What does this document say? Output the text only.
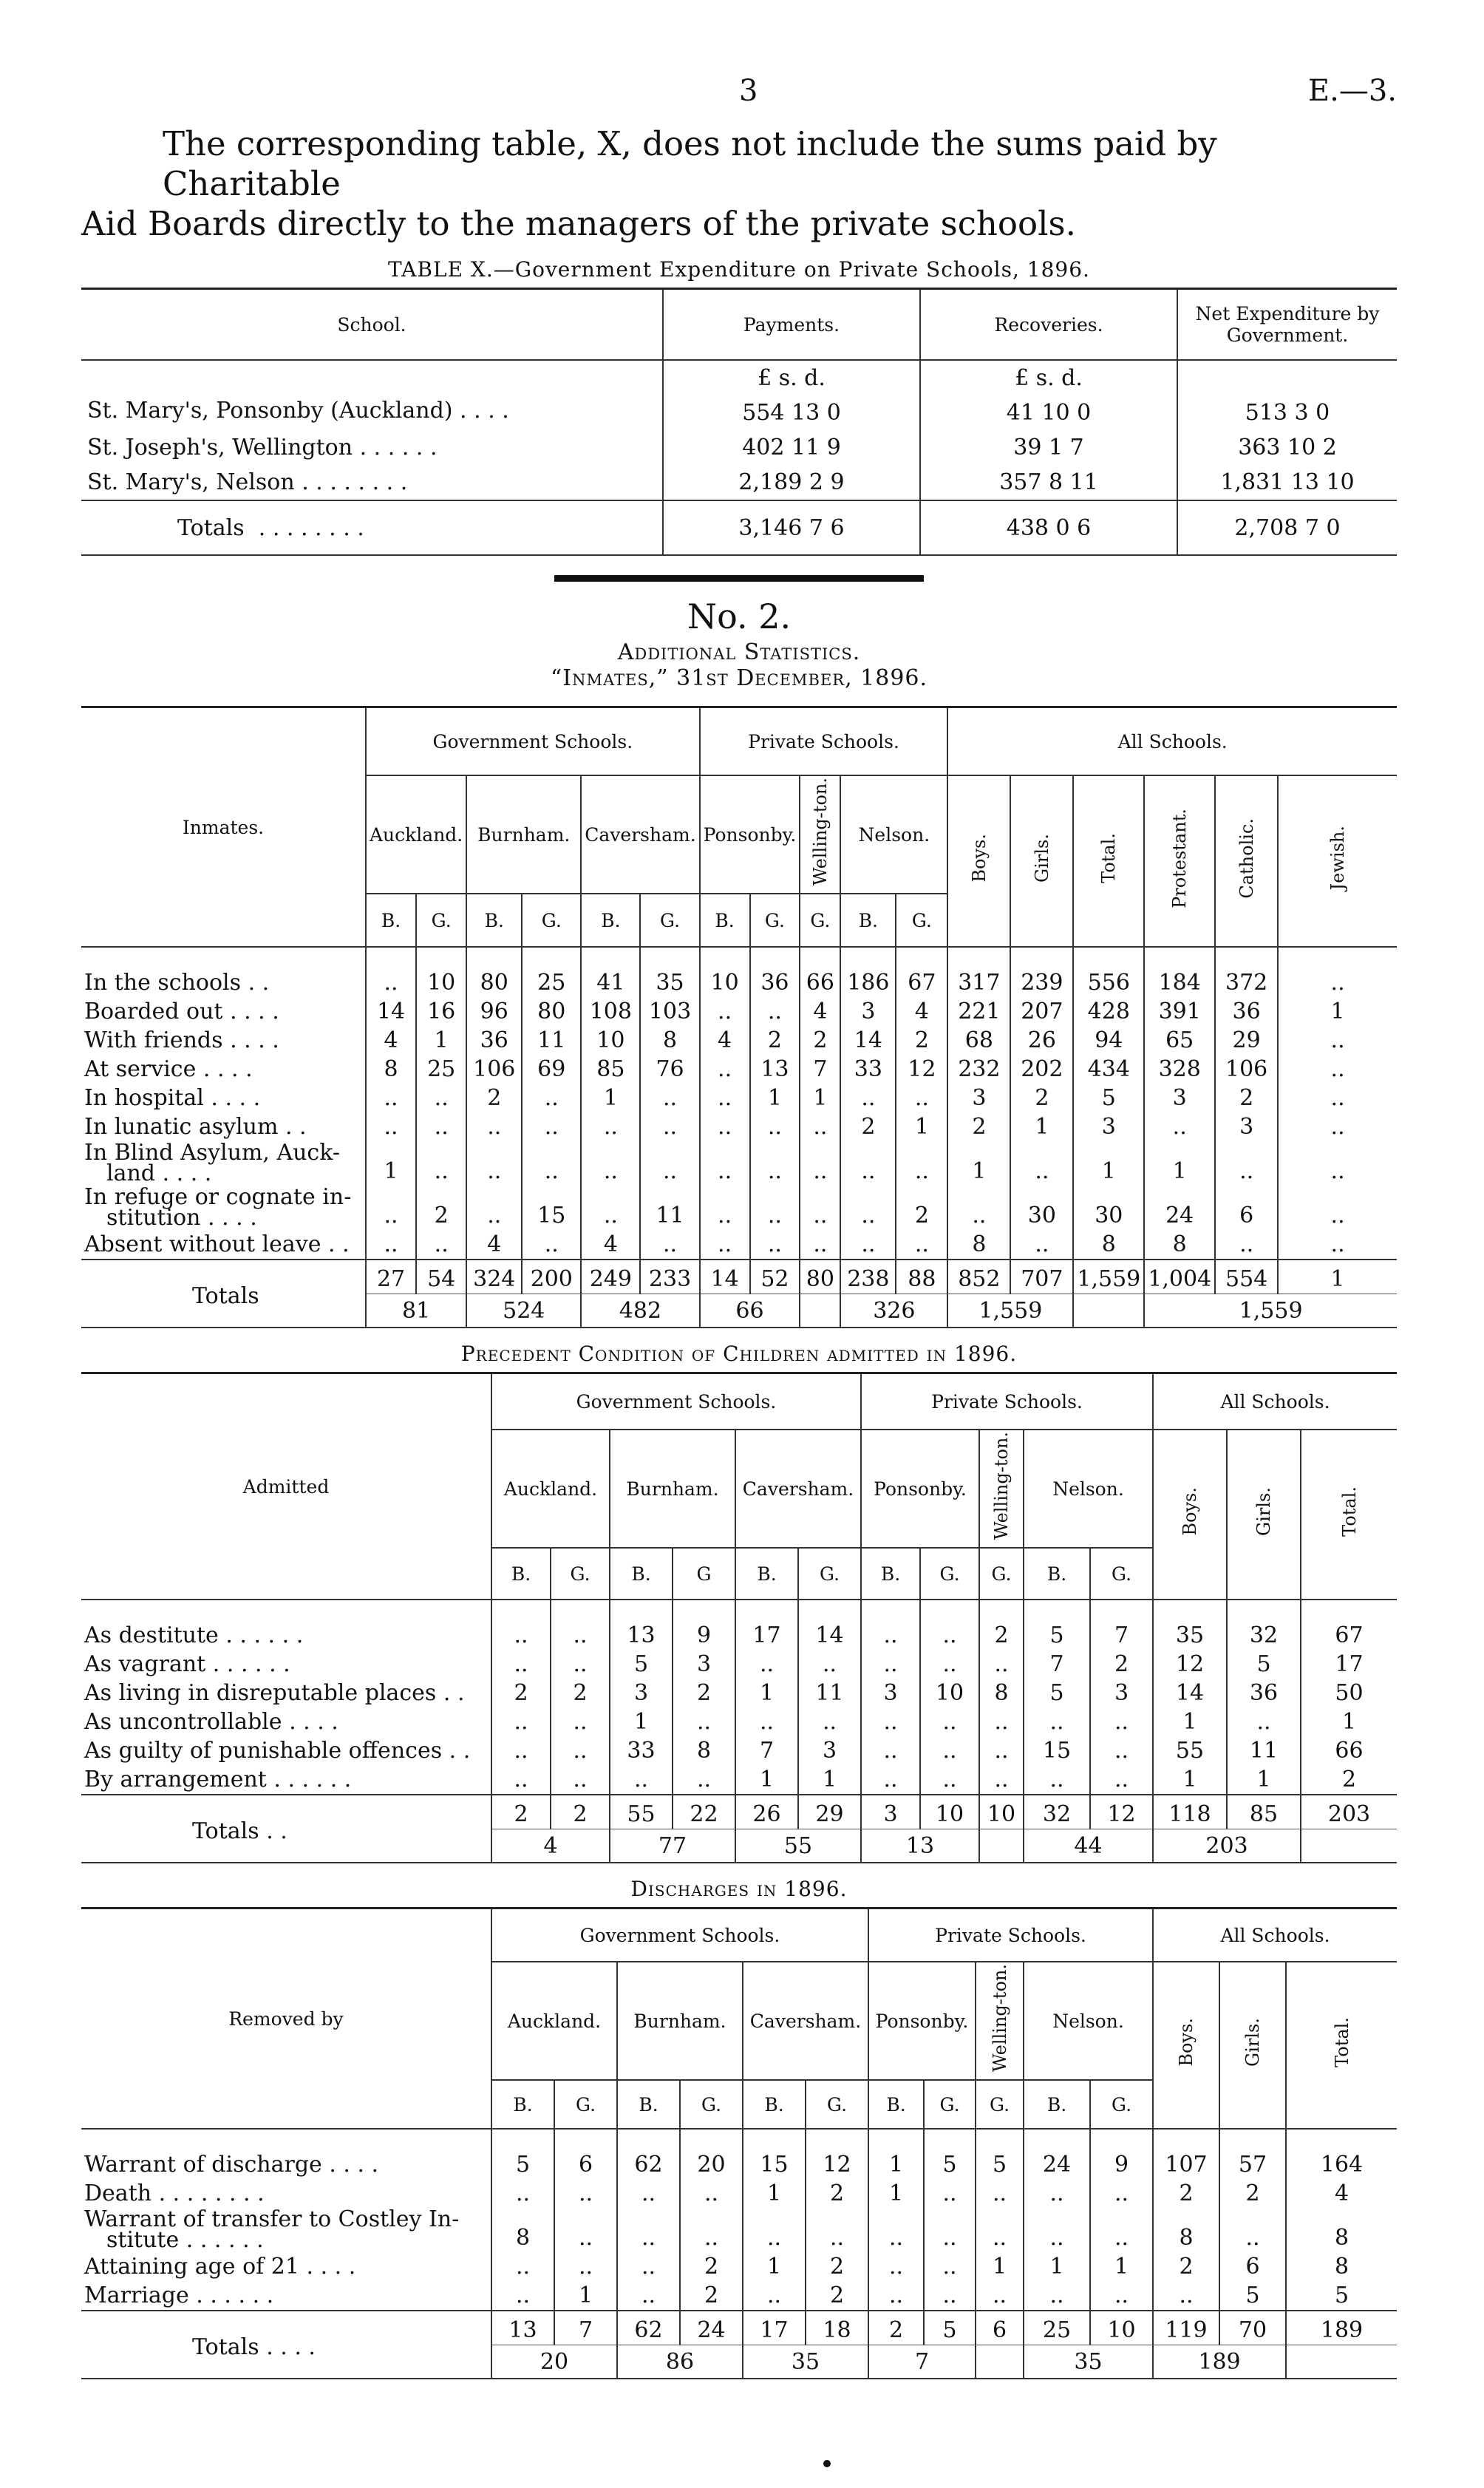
3	E.—3.
The corresponding table, X, does not include the sums paid by Charitable
Aid Boards directly to the managers of the private schools.
TABLE X.—Government Expenditure on Private Schools, 1896.
School.	Payments.	Recoveries.	Net Expenditure by Government.
	£ s. d.	£ s. d.	
St. Mary's, Ponsonby (Auckland) . . . .	554 13 0	41 10 0	513 3 0
St. Joseph's, Wellington . . . . . .	402 11 9	39 1 7	363 10 2
St. Mary's, Nelson . . . . . . . .	2,189 2 9	357 8 11	1,831 13 10
Totals . . . . . . . .	3,146 7 6	438 0 6	2,708 7 0
No. 2.
Additional Statistics.
“Inmates,” 31st December, 1896.
Inmates.	Government Schools.						Private Schools.					All Schools.					
	Auckland.		Burnham.		Caversham.		Ponsonby.		Welling-ton.	Nelson.		Boys.	Girls.	Total.	Protestant.	Catholic.	Jewish.
	B.	G.	B.	G.	B.	G.	B.	G.	G.	B.	G.						

In the schools . .	..	10	80	25	41	35	10	36	66	186	67	317	239	556	184	372	..
Boarded out . . . .	14	16	96	80	108	103	..	..	4	3	4	221	207	428	391	36	1
With friends . . . .	4	1	36	11	10	8	4	2	2	14	2	68	26	94	65	29	..
At service . . . .	8	25	106	69	85	76	..	13	7	33	12	232	202	434	328	106	..
In hospital . . . .	..	..	2	..	1	..	..	1	1	..	..	3	2	5	3	2	..
In lunatic asylum . .	..	..	..	..	..	..	..	..	..	2	1	2	1	3	..	3	..
In Blind Asylum, Auck-
land . . . .	1	..	..	..	..	..	..	..	..	..	..	1	..	1	1	..	..
In refuge or cognate in-
stitution . . . .	..	2	..	15	..	11	..	..	..	..	2	..	30	30	24	6	..
Absent without leave . .	..	..	4	..	4	..	..	..	..	..	..	8	..	8	8	..	..
Totals	27	54	324	200	249	233	14	52	80	238	88	852	707	1,559	1,004	554	1
	81		524		482		66			326		1,559			1,559		
Precedent Condition of Children admitted in 1896.
Admitted	Government Schools.						Private Schools.					All Schools.		
	Auckland.		Burnham.		Caversham.		Ponsonby.		Welling-ton.	Nelson.		Boys.	Girls.	Total.
	B.	G.	B.	G	B.	G.	B.	G.	G.	B.	G.			

As destitute . . . . . .	..	..	13	9	17	14	..	..	2	5	7	35	32	67
As vagrant . . . . . .	..	..	5	3	..	..	..	..	..	7	2	12	5	17
As living in disreputable places . .	2	2	3	2	1	11	3	10	8	5	3	14	36	50
As uncontrollable . . . .	..	..	1	..	..	..	..	..	..	..	..	1	..	1
As guilty of punishable offences . .	..	..	33	8	7	3	..	..	..	15	..	55	11	66
By arrangement . . . . . .	..	..	..	..	1	1	..	..	..	..	..	1	1	2
Totals . .	2	2	55	22	26	29	3	10	10	32	12	118	85	203
	4		77		55		13			44		203		
Discharges in 1896.
Removed by	Government Schools.						Private Schools.					All Schools.		
	Auckland.		Burnham.		Caversham.		Ponsonby.		Welling-ton.	Nelson.		Boys.	Girls.	Total.
	B.	G.	B.	G.	B.	G.	B.	G.	G.	B.	G.			

Warrant of discharge . . . .	5	6	62	20	15	12	1	5	5	24	9	107	57	164
Death . . . . . . . .	..	..	..	..	1	2	1	..	..	..	..	2	2	4
Warrant of transfer to Costley In-
stitute . . . . . .	8	..	..	..	..	..	..	..	..	..	..	8	..	8
Attaining age of 21 . . . .	..	..	..	2	1	2	..	..	1	1	1	2	6	8
Marriage . . . . . .	..	1	..	2	..	2	..	..	..	..	..	..	5	5
Totals . . . .	13	7	62	24	17	18	2	5	6	25	10	119	70	189
	20		86		35		7			35		189		
